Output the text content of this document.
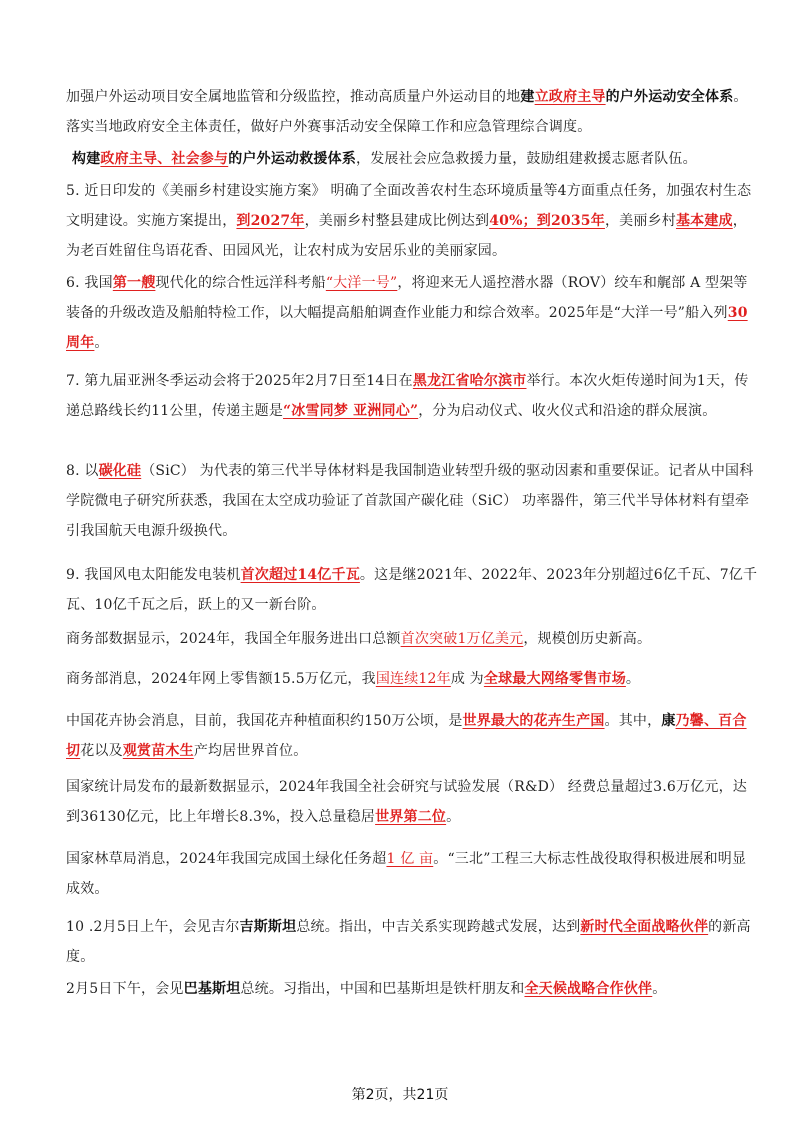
加强户外运动项目安全属地监管和分级监控，推动高质量户外运动目的地建立政府主导的户外运动安全体系。落实当地政府安全主体责任，做好户外赛事活动安全保障工作和应急管理综合调度。

构建政府主导、社会参与的户外运动救援体系，发展社会应急救援力量，鼓励组建救援志愿者队伍。

5. 近日印发的《美丽乡村建设实施方案》 明确了全面改善农村生态环境质量等4方面重点任务，加强农村生态文明建设。实施方案提出，到2027年，美丽乡村整县建成比例达到40%；到2035年，美丽乡村基本建成，为老百姓留住鸟语花香、田园风光，让农村成为安居乐业的美丽家园。

6. 我国第一艘现代化的综合性远洋科考船“大洋一号”，将迎来无人遥控潜水器（ROV）绞车和艉部 A 型架等装备的升级改造及船舶特检工作，以大幅提高船舶调查作业能力和综合效率。2025年是“大洋一号”船入列30周年。

7. 第九届亚洲冬季运动会将于2025年2月7日至14日在黑龙江省哈尔滨市举行。本次火炬传递时间为1天，传递总路线长约11公里，传递主题是“冰雪同梦 亚洲同心”，分为启动仪式、收火仪式和沿途的群众展演。

8. 以碳化硅（SiC） 为代表的第三代半导体材料是我国制造业转型升级的驱动因素和重要保证。记者从中国科学院微电子研究所获悉，我国在太空成功验证了首款国产碳化硅（SiC） 功率器件，第三代半导体材料有望牵引我国航天电源升级换代。

9. 我国风电太阳能发电装机首次超过14亿千瓦。这是继2021年、2022年、2023年分别超过6亿千瓦、7亿千瓦、10亿千瓦之后，跃上的又一新台阶。

商务部数据显示，2024年，我国全年服务进出口总额首次突破1万亿美元，规模创历史新高。

商务部消息，2024年网上零售额15.5万亿元，我国连续12年成 为全球最大网络零售市场。

中国花卉协会消息，目前，我国花卉种植面积约150万公顷，是世界最大的花卉生产国。其中，康乃馨、百合切花以及观赏苗木生产均居世界首位。

国家统计局发布的最新数据显示，2024年我国全社会研究与试验发展（R&D） 经费总量超过3.6万亿元，达到36130亿元，比上年增长8.3%，投入总量稳居世界第二位。

国家林草局消息，2024年我国完成国土绿化任务超1 亿 亩。“三北”工程三大标志性战役取得积极进展和明显成效。

10 .2月5日上午，会见吉尔吉斯斯坦总统。指出，中吉关系实现跨越式发展，达到新时代全面战略伙伴的新高度。

2月5日下午，会见巴基斯坦总统。习指出，中国和巴基斯坦是铁杆朋友和全天候战略合作伙伴。

第2页，共21页
